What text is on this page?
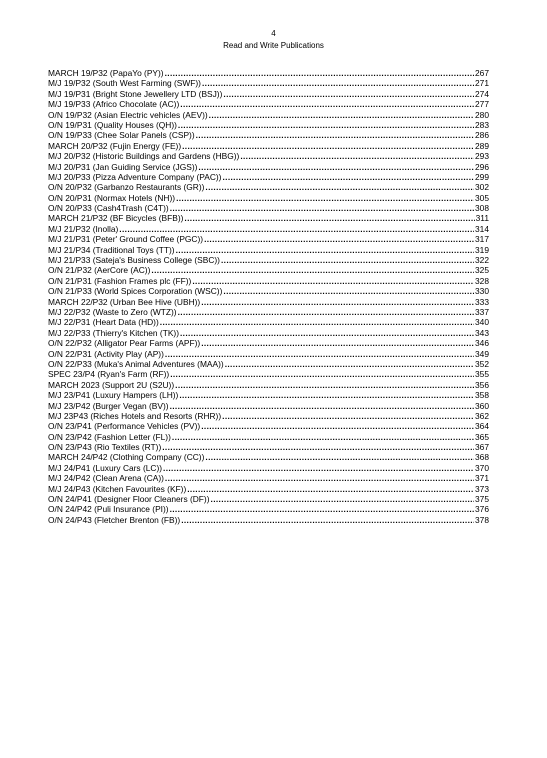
4
Read and Write Publications
MARCH 19/P32 (PapaYo (PY)) .....	267
M/J 19/P32 (South West Farming (SWF)) .....	271
M/J 19/P31 (Bright Stone Jewellery LTD (BSJ)) .....	274
M/J 19/P33 (Africo Chocolate (AC)) .....	277
O/N 19/P32 (Asian Electric vehicles (AEV)) .....	280
O/N 19/P31 (Quality Houses (QH)) .....	283
O/N 19/P33 (Chee Solar Panels (CSP)) .....	286
MARCH 20/P32 (Fujin Energy (FE)) .....	289
M/J 20/P32 (Historic Buildings and Gardens (HBG)) .....	293
M/J 20/P31 (Jan Guiding Service (JGS)) .....	296
M/J 20/P33 (Pizza Adventure Company (PAC)) .....	299
O/N 20/P32 (Garbanzo Restaurants (GR)) .....	302
O/N 20/P31 (Normax Hotels (NH)) .....	305
O/N 20/P33 (Cash4Trash (C4T)) .....	308
MARCH 21/P32 (BF Bicycles (BFB)) .....	311
M/J 21/P32 (Inolla) .....	314
M/J 21/P31 (Peter' Ground Coffee (PGC)) .....	317
M/J 21/P34 (Traditional Toys (TT)) .....	319
M/J 21/P33 (Sateja's Business College (SBC)) .....	322
O/N 21/P32 (AerCore (AC)) .....	325
O/N 21/P31 (Fashion Frames plc (FF)) .....	328
O/N 21/P33 (World Spices Corporation (WSC)) .....	330
MARCH 22/P32 (Urban Bee Hive (UBH)) .....	333
M/J 22/P32 (Waste to Zero (WTZ)) .....	337
M/J 22/P31 (Heart Data (HD)) .....	340
M/J 22/P33 (Thierry's Kitchen (TK)) .....	343
O/N 22/P32 (Alligator Pear Farms (APF)) .....	346
O/N 22/P31 (Activity Play (AP)) .....	349
O/N 22/P33 (Muka's Animal Adventures (MAA)) .....	352
SPEC 23/P4 (Ryan's Farm (RF)) .....	355
MARCH 2023 (Support 2U (S2U)) .....	356
M/J 23/P41 (Luxury Hampers (LH)) .....	358
M/J 23/P42 (Burger Vegan (BV)) .....	360
M/J 23P43 (Riches Hotels and Resorts (RHR)) .....	362
O/N 23/P41 (Performance Vehicles (PV)) .....	364
O/N 23/P42 (Fashion Letter (FL)) .....	365
O/N 23/P43 (Rio Textiles (RT)) .....	367
MARCH 24/P42 (Clothing Company (CC)) .....	368
M/J 24/P41 (Luxury Cars (LC)) .....	370
M/J 24/P42 (Clean Arena (CA)) .....	371
M/J 24/P43 (Kitchen Favourites (KF)) .....	373
O/N 24/P41 (Designer Floor Cleaners (DF)) .....	375
O/N 24/P42 (Puli Insurance (PI)) .....	376
O/N 24/P43 (Fletcher Brenton (FB)) .....	378
